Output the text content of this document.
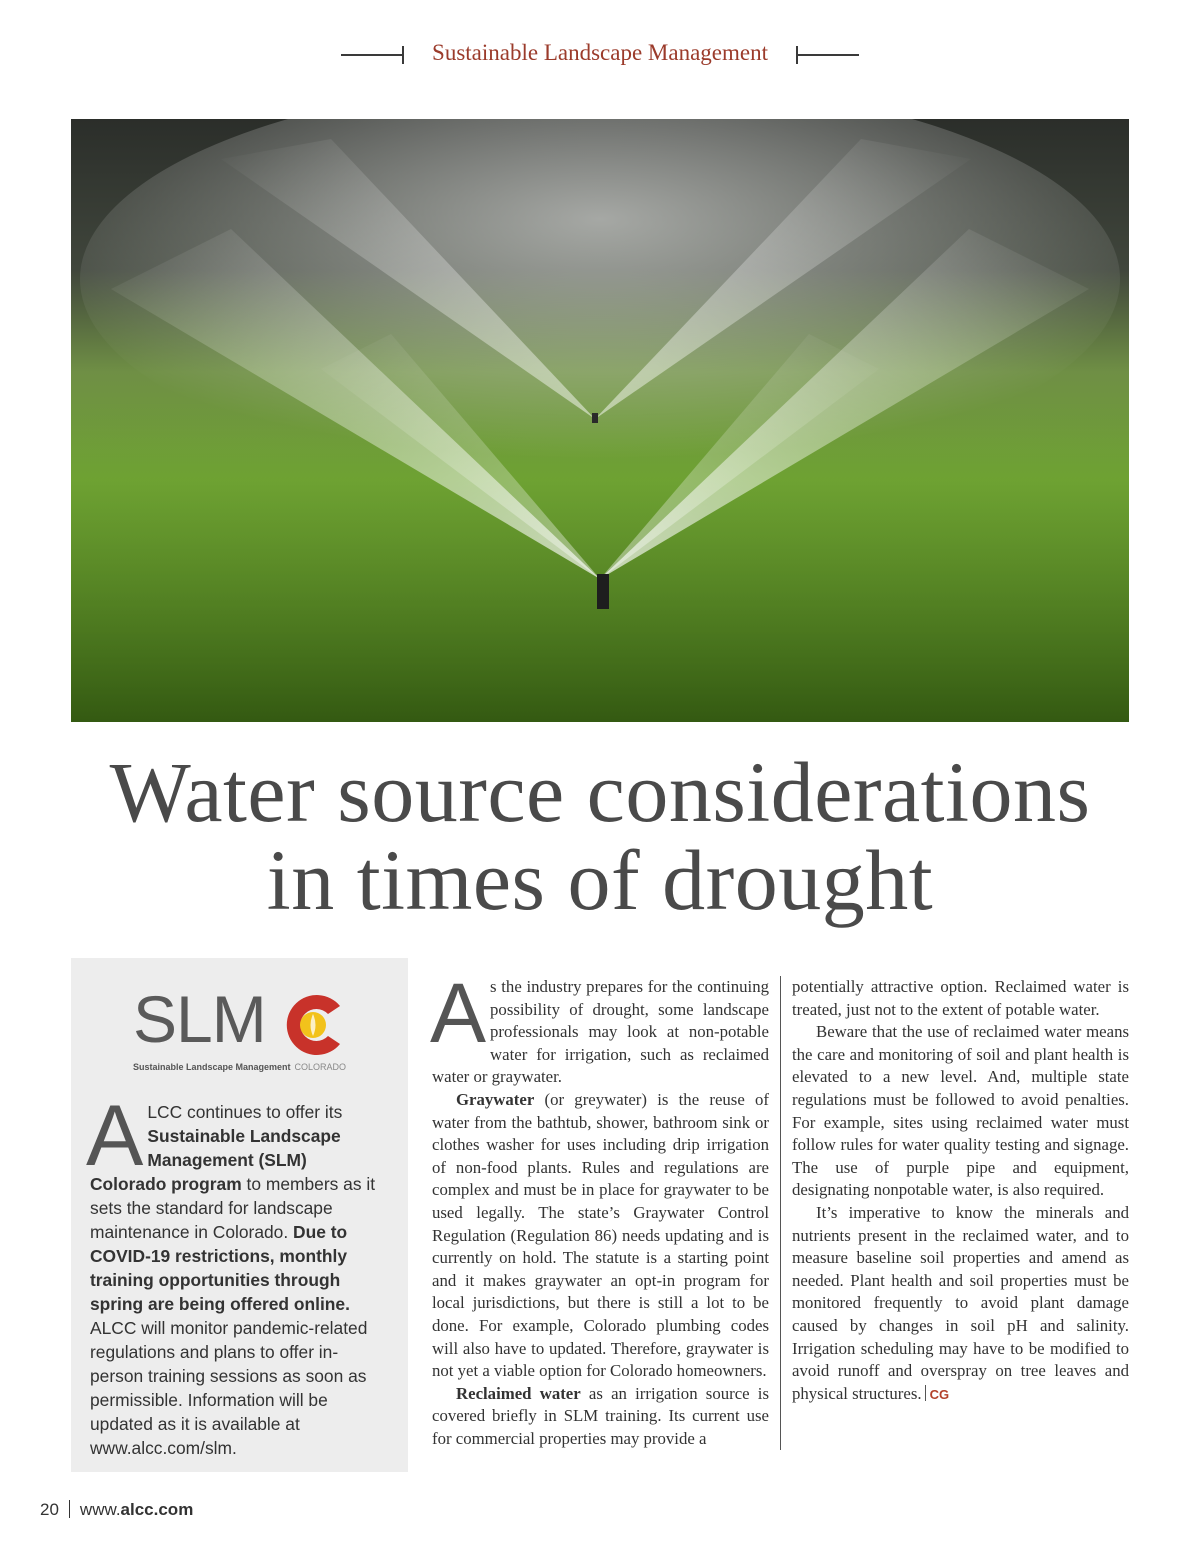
Sustainable Landscape Management
Water source considerations
in times of drought
SLM
Sustainable Landscape Management COLORADO
ALCC continues to offer its Sustainable Landscape Management (SLM) Colorado program to members as it sets the standard for landscape maintenance in Colorado. Due to COVID-19 restrictions, monthly training opportunities through spring are being offered online. ALCC will monitor pandemic-related regulations and plans to offer in-person training sessions as soon as permissible. Information will be updated as it is available at www.alcc.com/slm.

As the industry prepares for the continuing possibility of drought, some landscape professionals may look at non-potable water for irrigation, such as reclaimed water or graywater.

Graywater (or greywater) is the reuse of water from the bathtub, shower, bathroom sink or clothes washer for uses including drip irrigation of non-food plants. Rules and regulations are complex and must be in place for graywater to be used legally. The state’s Graywater Control Regulation (Regulation 86) needs updating and is currently on hold. The statute is a starting point and it makes graywater an opt-in program for local jurisdictions, but there is still a lot to be done. For example, Colorado plumbing codes will also have to updated. Therefore, graywater is not yet a viable option for Colorado homeowners.

Reclaimed water as an irrigation source is covered briefly in SLM training. Its current use for commercial properties may provide a

potentially attractive option. Reclaimed water is treated, just not to the extent of potable water.

Beware that the use of reclaimed water means the care and monitoring of soil and plant health is elevated to a new level. And, multiple state regulations must be followed to avoid penalties. For example, sites using reclaimed water must follow rules for water quality testing and signage. The use of purple pipe and equipment, designating nonpotable water, is also required.

It’s imperative to know the minerals and nutrients present in the reclaimed water, and to measure baseline soil properties and amend as needed. Plant health and soil properties must be monitored frequently to avoid plant damage caused by changes in soil pH and salinity. Irrigation scheduling may have to be modified to avoid runoff and overspray on tree leaves and physical structures. CG

20 www.alcc.com
